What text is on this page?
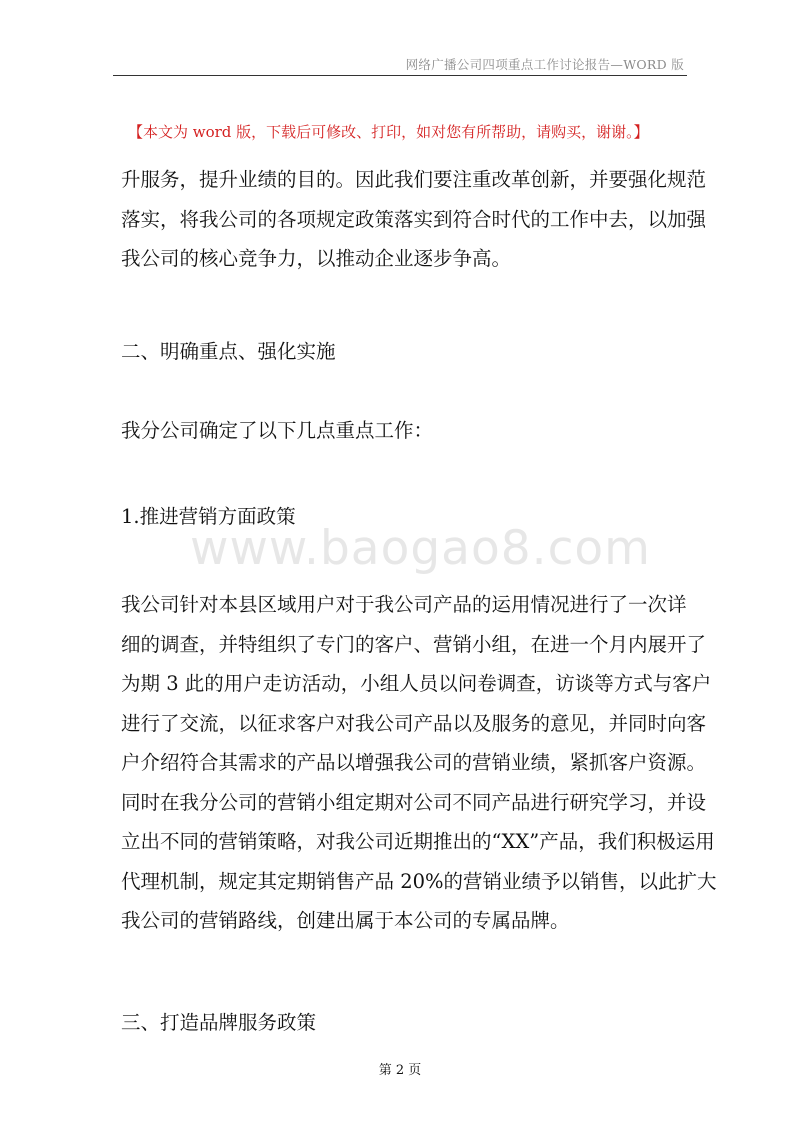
网络广播公司四项重点工作讨论报告—WORD 版
【本文为 word 版，下载后可修改、打印，如对您有所帮助，请购买，谢谢。】
升服务，提升业绩的目的。因此我们要注重改革创新，并要强化规范
落实，将我公司的各项规定政策落实到符合时代的工作中去，以加强
我公司的核心竞争力，以推动企业逐步争高。
二、明确重点、强化实施
我分公司确定了以下几点重点工作：
1.推进营销方面政策
www.baogao8.com
我公司针对本县区域用户对于我公司产品的运用情况进行了一次详
细的调查，并特组织了专门的客户、营销小组，在进一个月内展开了
为期 3 此的用户走访活动，小组人员以问卷调查，访谈等方式与客户
进行了交流，以征求客户对我公司产品以及服务的意见，并同时向客
户介绍符合其需求的产品以增强我公司的营销业绩，紧抓客户资源。
同时在我分公司的营销小组定期对公司不同产品进行研究学习，并设
立出不同的营销策略，对我公司近期推出的“XX”产品，我们积极运用
代理机制，规定其定期销售产品 20%的营销业绩予以销售，以此扩大
我公司的营销路线，创建出属于本公司的专属品牌。
三、打造品牌服务政策
第 2 页
